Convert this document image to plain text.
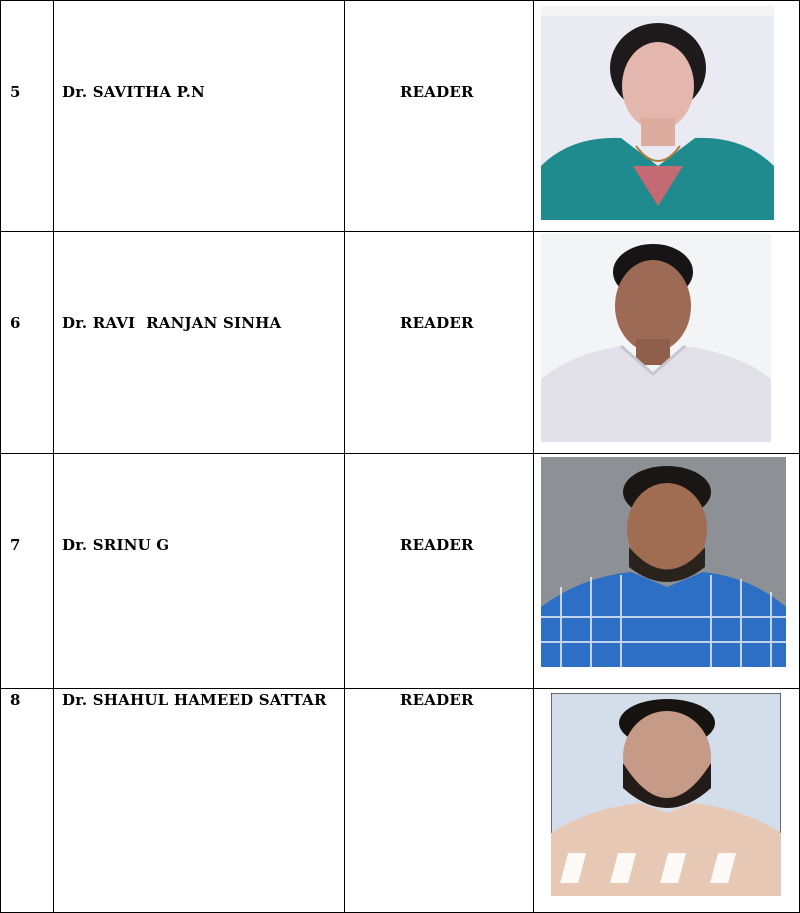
5	Dr. SAVITHA P.N	READER
6	Dr. RAVI  RANJAN SINHA	READER
7	Dr. SRINU G	READER
8	Dr. SHAHUL HAMEED SATTAR	READER
